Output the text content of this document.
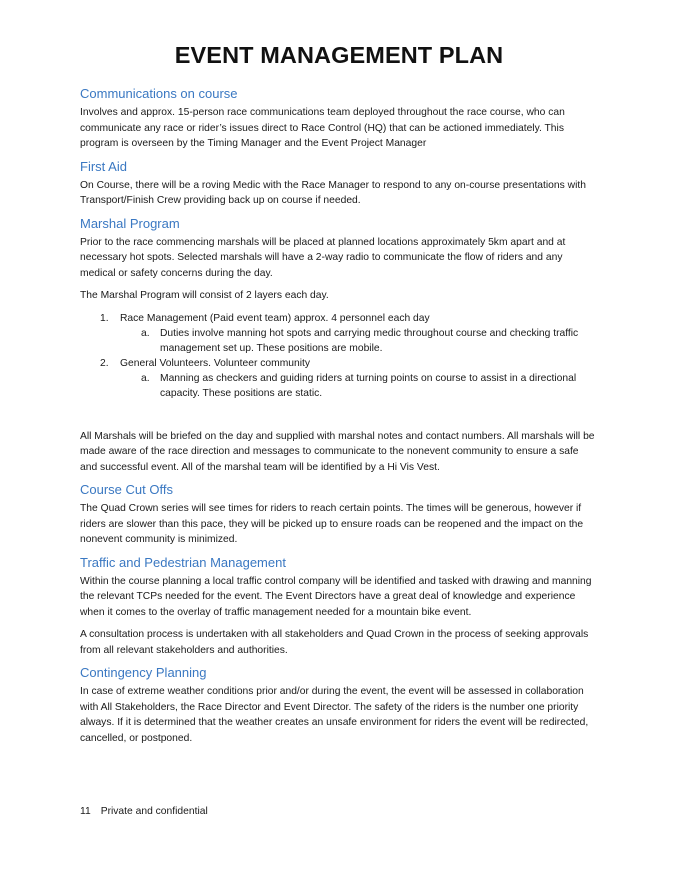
EVENT MANAGEMENT PLAN
Communications on course

Involves and approx. 15-person race communications team deployed throughout the race course, who can communicate any race or rider’s issues direct to Race Control (HQ) that can be actioned immediately. This program is overseen by the Timing Manager and the Event Project Manager

First Aid

On Course, there will be a roving Medic with the Race Manager to respond to any on-course presentations with Transport/Finish Crew providing back up on course if needed.

Marshal Program

Prior to the race commencing marshals will be placed at planned locations approximately 5km apart and at necessary hot spots. Selected marshals will have a 2-way radio to communicate the flow of riders and any medical or safety concerns during the day.

The Marshal Program will consist of 2 layers each day.

1. Race Management (Paid event team) approx. 4 personnel each day
a. Duties involve manning hot spots and carrying medic throughout course and checking traffic management set up. These positions are mobile.
2. General Volunteers. Volunteer community
a. Manning as checkers and guiding riders at turning points on course to assist in a directional capacity. These positions are static.

All Marshals will be briefed on the day and supplied with marshal notes and contact numbers. All marshals will be made aware of the race direction and messages to communicate to the nonevent community to ensure a safe and successful event. All of the marshal team will be identified by a Hi Vis Vest.

Course Cut Offs

The Quad Crown series will see times for riders to reach certain points. The times will be generous, however if riders are slower than this pace, they will be picked up to ensure roads can be reopened and the impact on the nonevent community is minimized.

Traffic and Pedestrian Management

Within the course planning a local traffic control company will be identified and tasked with drawing and manning the relevant TCPs needed for the event. The Event Directors have a great deal of knowledge and experience when it comes to the overlay of traffic management needed for a mountain bike event.

A consultation process is undertaken with all stakeholders and Quad Crown in the process of seeking approvals from all relevant stakeholders and authorities.

Contingency Planning

In case of extreme weather conditions prior and/or during the event, the event will be assessed in collaboration with All Stakeholders, the Race Director and Event Director. The safety of the riders is the number one priority always. If it is determined that the weather creates an unsafe environment for riders the event will be redirected, cancelled, or postponed.

11 Private and confidential
